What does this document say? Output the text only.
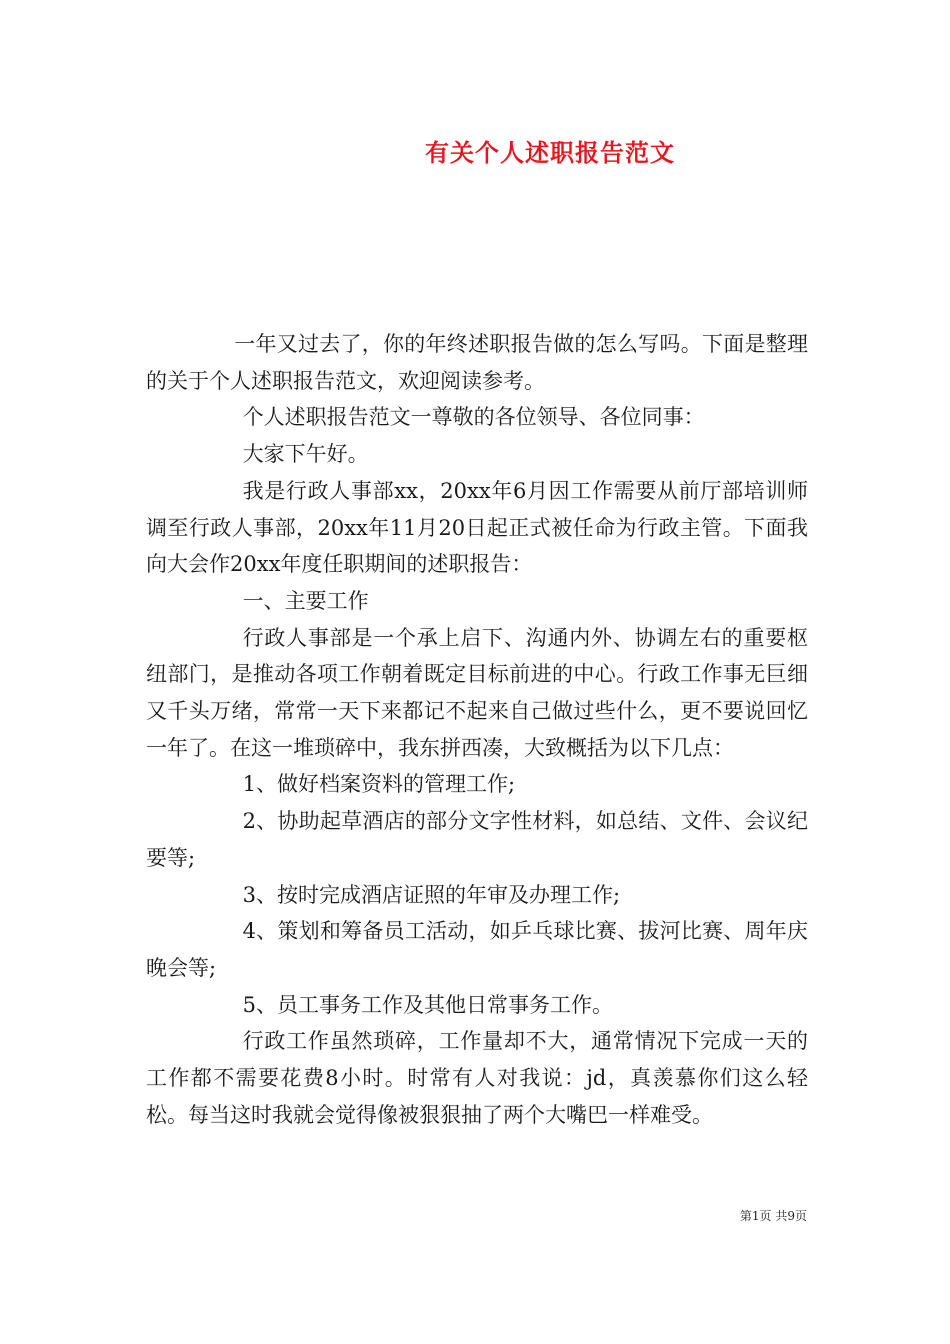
有关个人述职报告范文

一年又过去了，你的年终述职报告做的怎么写吗。下面是整理的关于个人述职报告范文，欢迎阅读参考。

个人述职报告范文一尊敬的各位领导、各位同事：

大家下午好。

我是行政人事部xx，20xx年6月因工作需要从前厅部培训师调至行政人事部，20xx年11月20日起正式被任命为行政主管。下面我向大会作20xx年度任职期间的述职报告：

一、主要工作

行政人事部是一个承上启下、沟通内外、协调左右的重要枢纽部门，是推动各项工作朝着既定目标前进的中心。行政工作事无巨细又千头万绪，常常一天下来都记不起来自己做过些什么，更不要说回忆一年了。在这一堆琐碎中，我东拼西凑，大致概括为以下几点：

1、做好档案资料的管理工作;

2、协助起草酒店的部分文字性材料，如总结、文件、会议纪要等;

3、按时完成酒店证照的年审及办理工作;

4、策划和筹备员工活动，如乒乓球比赛、拔河比赛、周年庆晚会等;

5、员工事务工作及其他日常事务工作。

行政工作虽然琐碎，工作量却不大，通常情况下完成一天的工作都不需要花费8小时。时常有人对我说：jd，真羡慕你们这么轻松。每当这时我就会觉得像被狠狠抽了两个大嘴巴一样难受。

第1页 共9页
